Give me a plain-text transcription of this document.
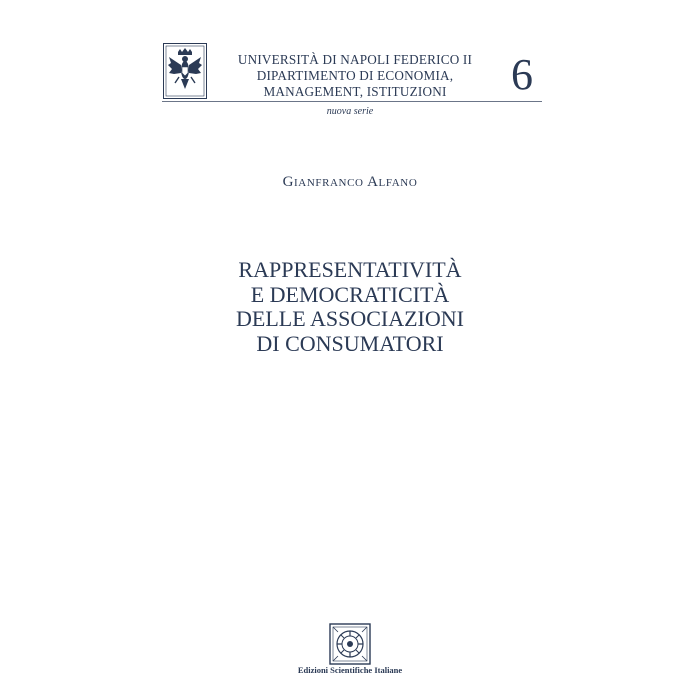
UNIVERSITÀ DI NAPOLI FEDERICO II
DIPARTIMENTO DI ECONOMIA,
MANAGEMENT, ISTITUZIONI	6
nuova serie
Gianfranco Alfano
RAPPRESENTATIVITÀ
E DEMOCRATICITÀ
DELLE ASSOCIAZIONI
DI CONSUMATORI
Edizioni Scientifiche Italiane
